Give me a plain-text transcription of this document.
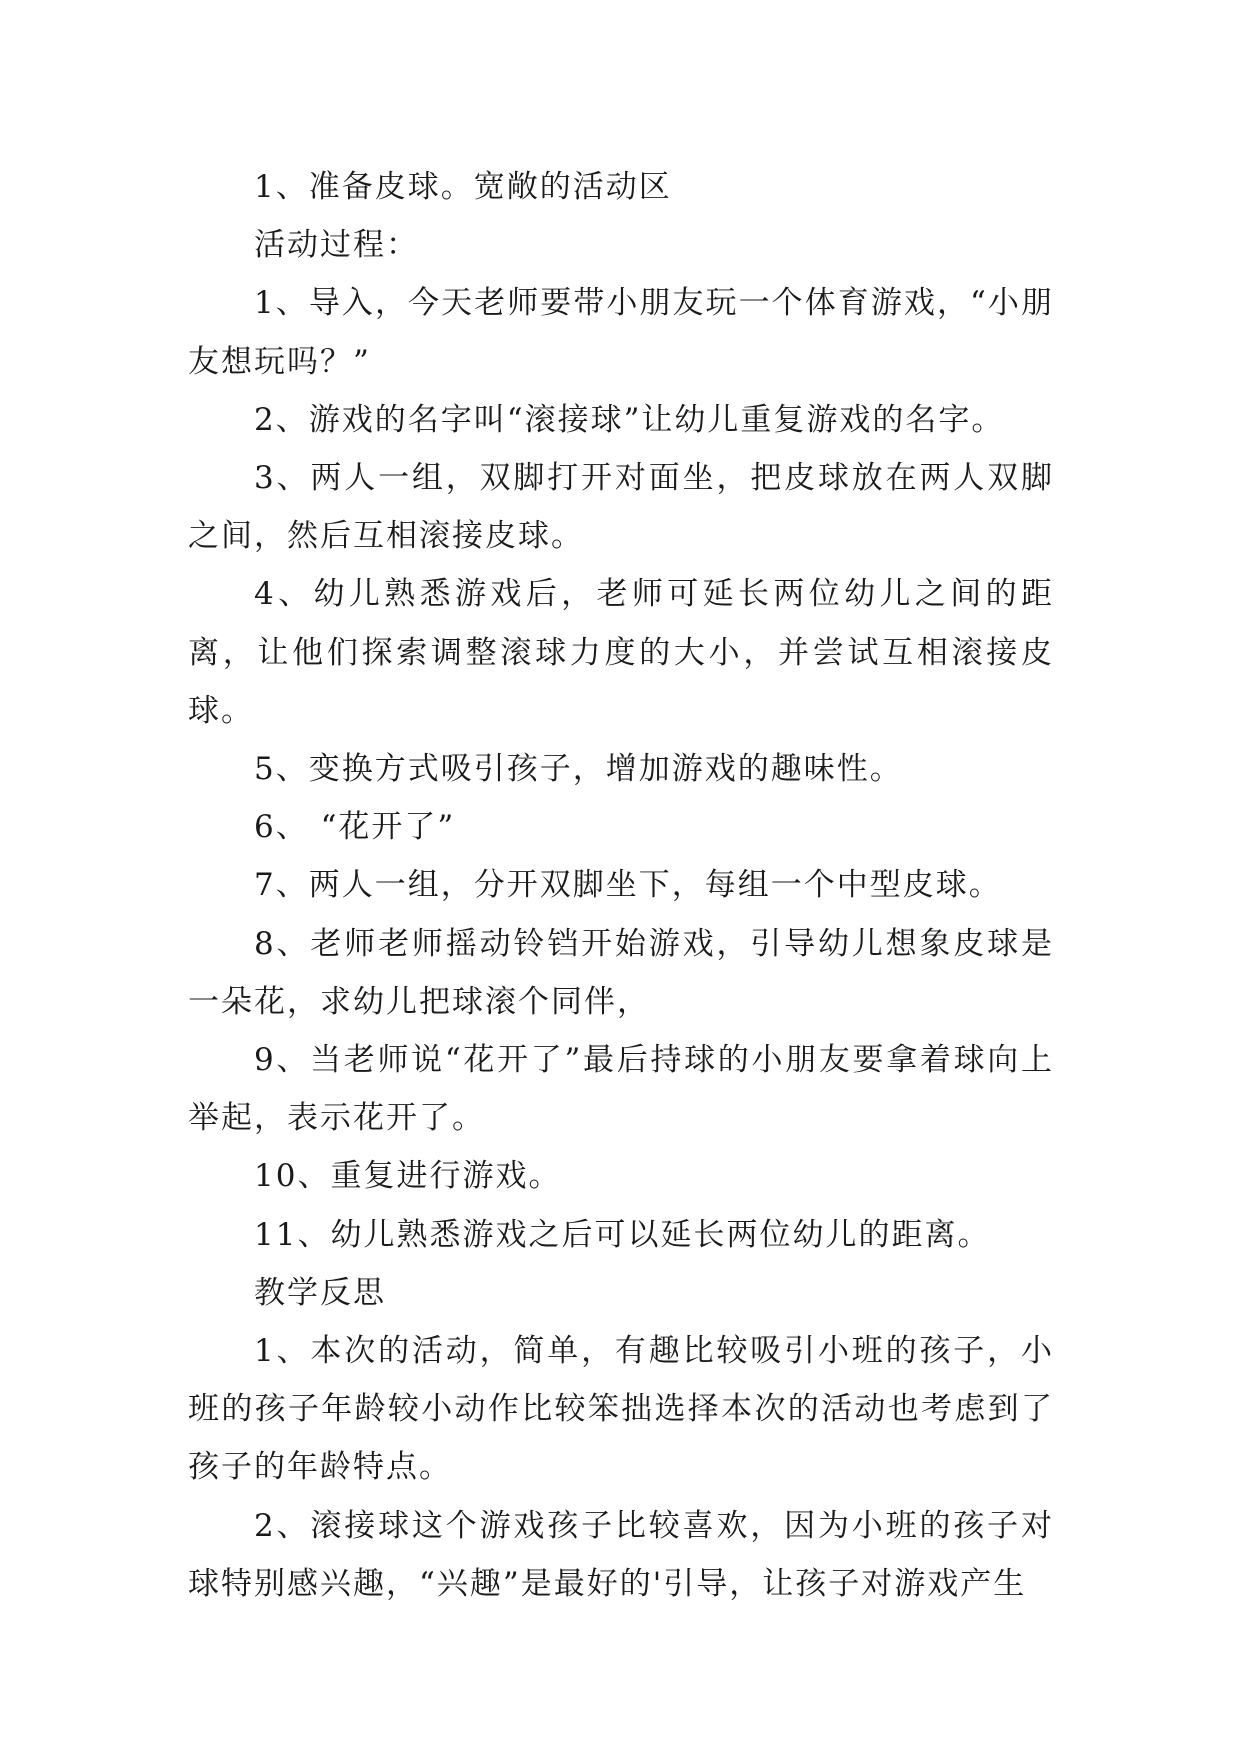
1、准备皮球。宽敞的活动区

活动过程：

1、导入，今天老师要带小朋友玩一个体育游戏，“小朋友想玩吗？”

2、游戏的名字叫“滚接球”让幼儿重复游戏的名字。

3、两人一组，双脚打开对面坐，把皮球放在两人双脚之间，然后互相滚接皮球。

4、幼儿熟悉游戏后，老师可延长两位幼儿之间的距离，让他们探索调整滚球力度的大小，并尝试互相滚接皮球。

5、变换方式吸引孩子，增加游戏的趣味性。

6、 “花开了”

7、两人一组，分开双脚坐下，每组一个中型皮球。

8、老师老师摇动铃铛开始游戏，引导幼儿想象皮球是一朵花，求幼儿把球滚个同伴，

9、当老师说“花开了”最后持球的小朋友要拿着球向上举起，表示花开了。

10、重复进行游戏。

11、幼儿熟悉游戏之后可以延长两位幼儿的距离。

教学反思

1、本次的活动，简单，有趣比较吸引小班的孩子，小班的孩子年龄较小动作比较笨拙选择本次的活动也考虑到了孩子的年龄特点。

2、滚接球这个游戏孩子比较喜欢，因为小班的孩子对球特别感兴趣，“兴趣”是最好的'引导，让孩子对游戏产生
